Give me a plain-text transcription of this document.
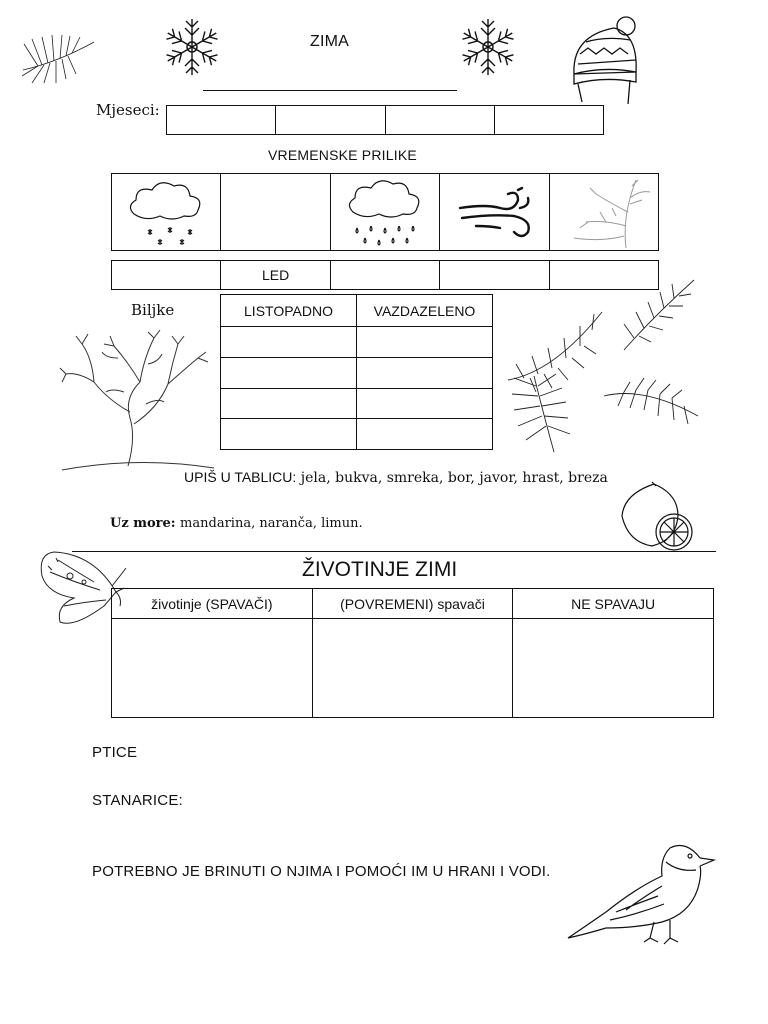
ZIMA
Mjeseci:

VREMENSKE PRILIKE

	LED			
Biljke	LISTOPADNO	VAZDAZELENO

UPIŠ U TABLICU: jela, bukva, smreka, bor, javor, hrast, breza
Uz more: mandarina, naranča, limun.
ŽIVOTINJE ZIMI
životinje (SPAVAČI)	(POVREMENI) spavači	NE SPAVAJU

PTICE
STANARICE:
POTREBNO JE BRINUTI O NJIMA I POMOĆI IM U HRANI I VODI.
